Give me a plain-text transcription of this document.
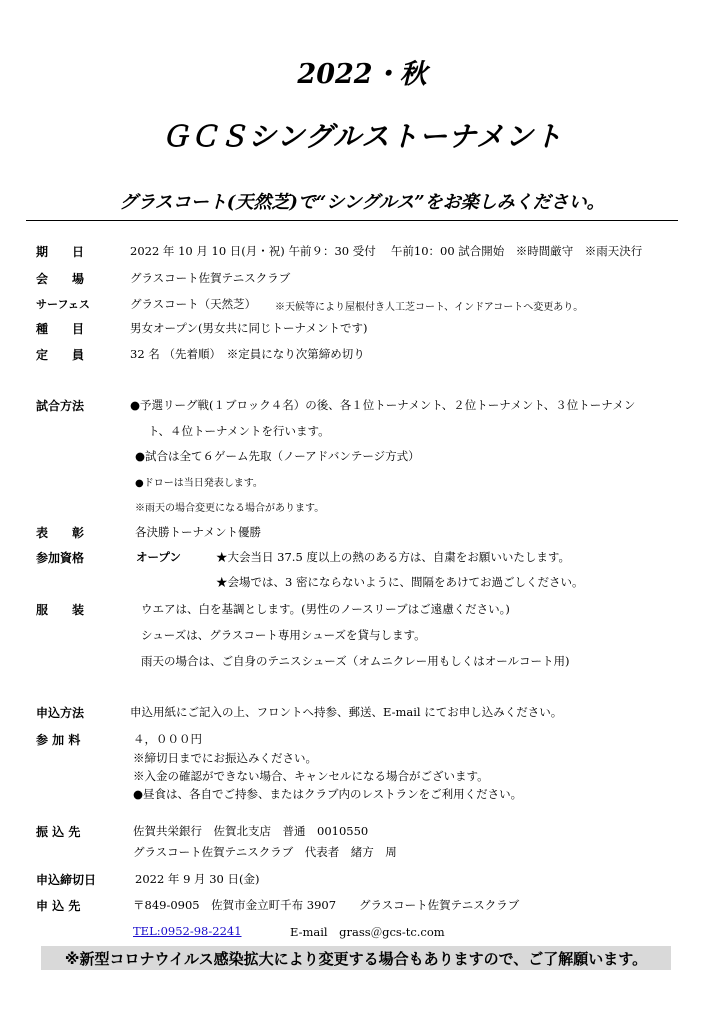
2022・秋
ＧＣＳシングルストーナメント
グラスコート(天然芝)で“シングルス”をお楽しみください。
期　　日	2022 年 10 月 10 日(月・祝) 午前９：30 受付　 午前10：00 試合開始　※時間厳守　※雨天決行
会　　場	グラスコート佐賀テニスクラブ
サーフェス	グラスコート（天然芝） ※天候等により屋根付き人工芝コート、インドアコートへ変更あり。
種　　目	男女オープン(男女共に同じトーナメントです)
定　　員	32 名 （先着順）　※定員になり次第締め切り
試合方法	●予選リーグ戦(１ブロック４名）の後、各１位トーナメント、２位トーナメント、３位トーナメン
ト、４位トーナメントを行います。
●試合は全て６ゲーム先取（ノーアドバンテージ方式）
●ドローは当日発表します。
※雨天の場合変更になる場合があります。
表　　彰	各決勝トーナメント優勝
参加資格	オープン	★大会当日 37.5 度以上の熱のある方は、自粛をお願いいたします。
★会場では、3 密にならないように、間隔をあけてお過ごしください。
服　　装	ウエアは、白を基調とします。(男性のノースリーブはご遠慮ください。)
シューズは、グラスコート専用シューズを貸与します。
雨天の場合は、ご自身のテニスシューズ（オムニクレー用もしくはオールコート用)
申込方法	申込用紙にご記入の上、フロントへ持参、郵送、E-mail にてお申し込みください。
参 加 料	４，０００円
※締切日までにお振込みください。
※入金の確認ができない場合、キャンセルになる場合がございます。
●昼食は、各自でご持参、またはクラブ内のレストランをご利用ください。
振 込 先	佐賀共栄銀行　佐賀北支店　普通　0010550
グラスコート佐賀テニスクラブ　代表者　緒方　周
申込締切日	2022 年 9 月 30 日(金)
申 込 先	〒849-0905　佐賀市金立町千布 3907　　グラスコート佐賀テニスクラブ
TEL:0952-98-2241	E-mail　grass＠gcs-tc.com
※新型コロナウイルス感染拡大により変更する場合もありますので、ご了解願います。
